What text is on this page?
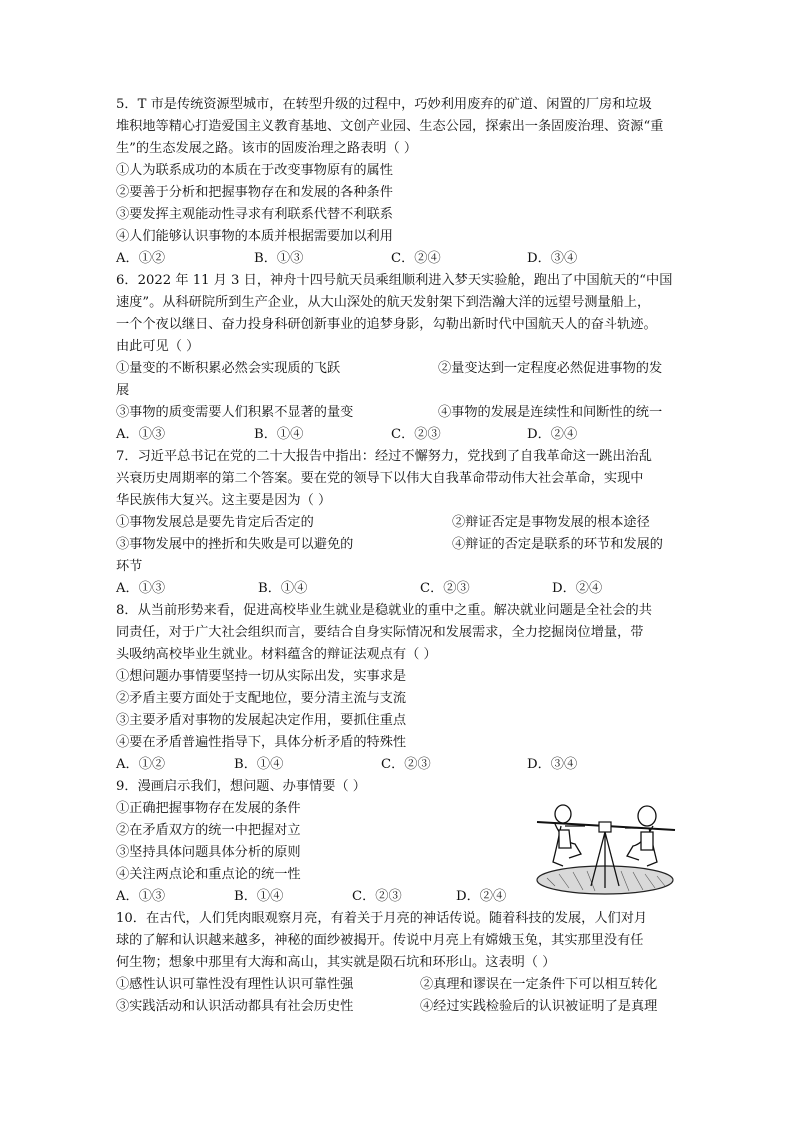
5．T 市是传统资源型城市，在转型升级的过程中，巧妙利用废弃的矿道、闲置的厂房和垃圾
堆积地等精心打造爱国主义教育基地、文创产业园、生态公园，探索出一条固废治理、资源“重
生”的生态发展之路。该市的固废治理之路表明（ ）
①人为联系成功的本质在于改变事物原有的属性
②要善于分析和把握事物存在和发展的各种条件
③要发挥主观能动性寻求有利联系代替不利联系
④人们能够认识事物的本质并根据需要加以利用
A．①②	B．①③	C．②④	D．③④
6．2022 年 11 月 3 日，神舟十四号航天员乘组顺利进入梦天实验舱，跑出了中国航天的“中国
速度”。从科研院所到生产企业，从大山深处的航天发射架下到浩瀚大洋的远望号测量船上，
一个个夜以继日、奋力投身科研创新事业的追梦身影，勾勒出新时代中国航天人的奋斗轨迹。
由此可见（ ）
①量变的不断积累必然会实现质的飞跃	②量变达到一定程度必然促进事物的发
展
③事物的质变需要人们积累不显著的量变	④事物的发展是连续性和间断性的统一
A．①③	B．①④	C．②③	D．②④
7．习近平总书记在党的二十大报告中指出：经过不懈努力，党找到了自我革命这一跳出治乱
兴衰历史周期率的第二个答案。要在党的领导下以伟大自我革命带动伟大社会革命，实现中
华民族伟大复兴。这主要是因为（ ）
①事物发展总是要先肯定后否定的	②辩证否定是事物发展的根本途径
③事物发展中的挫折和失败是可以避免的	④辩证的否定是联系的环节和发展的
环节
A．①③	B．①④	C．②③	D．②④
8．从当前形势来看，促进高校毕业生就业是稳就业的重中之重。解决就业问题是全社会的共
同责任，对于广大社会组织而言，要结合自身实际情况和发展需求，全力挖掘岗位增量，带
头吸纳高校毕业生就业。材料蕴含的辩证法观点有（ ）
①想问题办事情要坚持一切从实际出发，实事求是
②矛盾主要方面处于支配地位，要分清主流与支流
③主要矛盾对事物的发展起决定作用，要抓住重点
④要在矛盾普遍性指导下，具体分析矛盾的特殊性
A．①②	B．①④	C．②③	D．③④
9．漫画启示我们，想问题、办事情要（ ）
①正确把握事物存在发展的条件
②在矛盾双方的统一中把握对立
③坚持具体问题具体分析的原则
④关注两点论和重点论的统一性
A．①③	B．①④	C．②③	D．②④
10．在古代，人们凭肉眼观察月亮，有着关于月亮的神话传说。随着科技的发展，人们对月
球的了解和认识越来越多，神秘的面纱被揭开。传说中月亮上有嫦娥玉兔，其实那里没有任
何生物；想象中那里有大海和高山，其实就是陨石坑和环形山。这表明（ ）
①感性认识可靠性没有理性认识可靠性强	②真理和谬误在一定条件下可以相互转化
③实践活动和认识活动都具有社会历史性	④经过实践检验后的认识被证明了是真理
